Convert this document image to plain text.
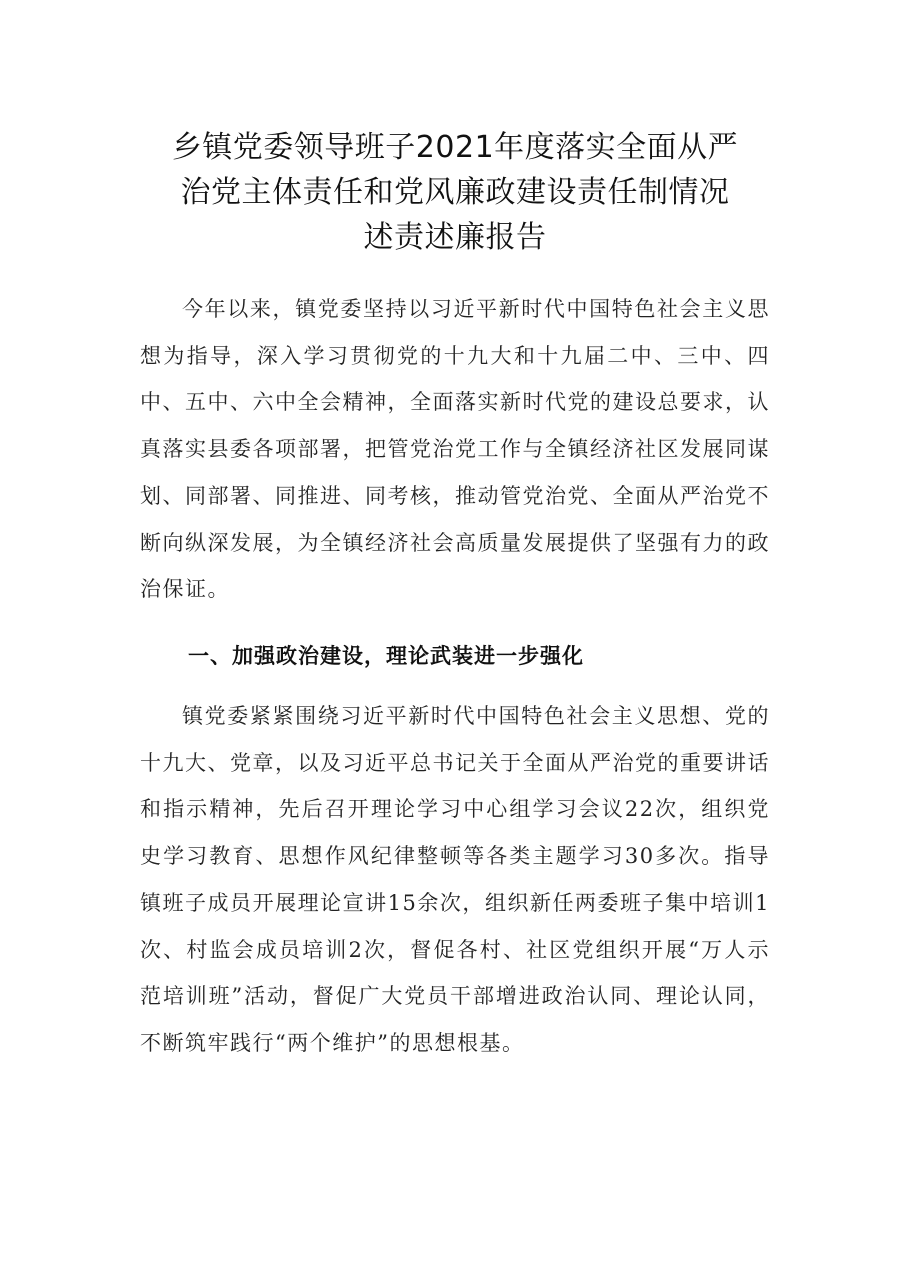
乡镇党委领导班子2021年度落实全面从严
治党主体责任和党风廉政建设责任制情况
述责述廉报告

今年以来，镇党委坚持以习近平新时代中国特色社会主义思想为指导，深入学习贯彻党的十九大和十九届二中、三中、四中、五中、六中全会精神，全面落实新时代党的建设总要求，认真落实县委各项部署，把管党治党工作与全镇经济社区发展同谋划、同部署、同推进、同考核，推动管党治党、全面从严治党不断向纵深发展，为全镇经济社会高质量发展提供了坚强有力的政治保证。

一、加强政治建设，理论武装进一步强化

镇党委紧紧围绕习近平新时代中国特色社会主义思想、党的十九大、党章，以及习近平总书记关于全面从严治党的重要讲话和指示精神，先后召开理论学习中心组学习会议22次，组织党史学习教育、思想作风纪律整顿等各类主题学习30多次。指导镇班子成员开展理论宣讲15余次，组织新任两委班子集中培训1次、村监会成员培训2次，督促各村、社区党组织开展“万人示范培训班”活动，督促广大党员干部增进政治认同、理论认同，不断筑牢践行“两个维护”的思想根基。
